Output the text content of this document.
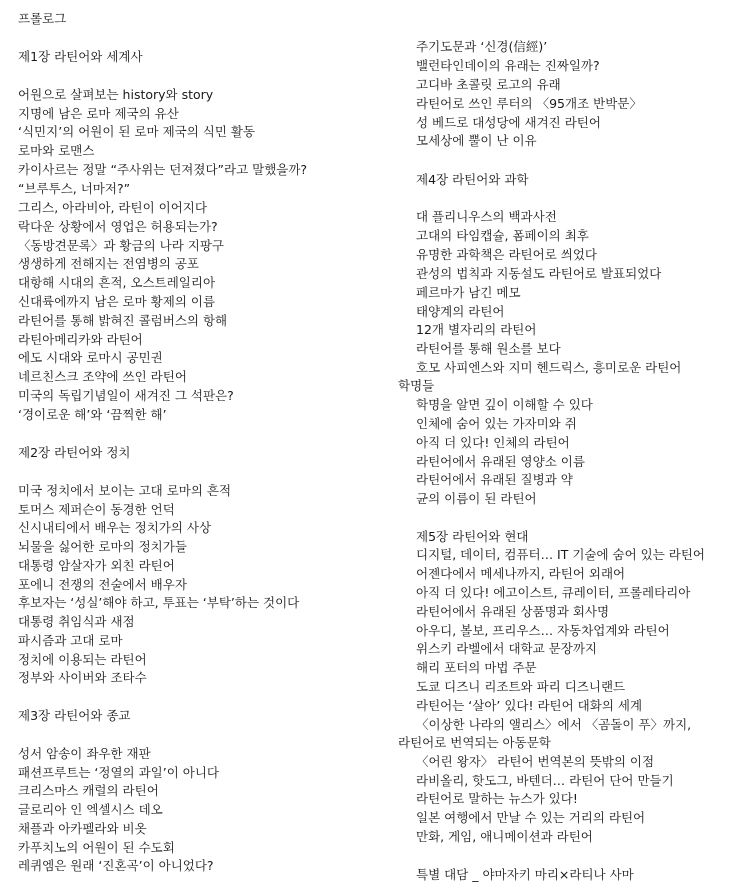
프롤로그
제1장 라틴어와 세계사
어원으로 살펴보는 history와 story
지명에 남은 로마 제국의 유산
‘식민지’의 어원이 된 로마 제국의 식민 활동
로마와 로맨스
카이사르는 정말 “주사위는 던져졌다”라고 말했을까?
“브루투스, 너마저?”
그리스, 아라비아, 라틴이 이어지다
락다운 상황에서 영업은 허용되는가?
〈동방견문록〉과 황금의 나라 지팡구
생생하게 전해지는 전염병의 공포
대항해 시대의 흔적, 오스트레일리아
신대륙에까지 남은 로마 황제의 이름
라틴어를 통해 밝혀진 콜럼버스의 항해
라틴아메리카와 라틴어
에도 시대와 로마시 공민권
네르친스크 조약에 쓰인 라틴어
미국의 독립기념일이 새겨진 그 석판은?
‘경이로운 해’와 ‘끔찍한 해’
제2장 라틴어와 정치
미국 정치에서 보이는 고대 로마의 흔적
토머스 제퍼슨이 동경한 언덕
신시내티에서 배우는 정치가의 사상
뇌물을 싫어한 로마의 정치가들
대통령 암살자가 외친 라틴어
포에니 전쟁의 전술에서 배우자
후보자는 ‘성실’해야 하고, 투표는 ‘부탁’하는 것이다
대통령 취임식과 새점
파시즘과 고대 로마
정치에 이용되는 라틴어
정부와 사이버와 조타수
제3장 라틴어와 종교
성서 암송이 좌우한 재판
패션프루트는 ‘정열의 과일’이 아니다
크리스마스 캐럴의 라틴어
글로리아 인 엑셀시스 데오
채플과 아카펠라와 비옷
카푸치노의 어원이 된 수도회
레퀴엠은 원래 ‘진혼곡’이 아니었다?
주기도문과 ‘신경(信經)’
밸런타인데이의 유래는 진짜일까?
고디바 초콜릿 로고의 유래
라틴어로 쓰인 루터의 〈95개조 반박문〉
성 베드로 대성당에 새겨진 라틴어
모세상에 뿔이 난 이유
제4장 라틴어와 과학
대 플리니우스의 백과사전
고대의 타임캡슐, 폼페이의 최후
유명한 과학책은 라틴어로 씌었다
관성의 법칙과 지동설도 라틴어로 발표되었다
페르마가 남긴 메모
태양계의 라틴어
12개 별자리의 라틴어
라틴어를 통해 원소를 보다
호모 사피엔스와 지미 헨드릭스, 흥미로운 라틴어
학명들
학명을 알면 깊이 이해할 수 있다
인체에 숨어 있는 가자미와 쥐
아직 더 있다! 인체의 라틴어
라틴어에서 유래된 영양소 이름
라틴어에서 유래된 질병과 약
균의 이름이 된 라틴어
제5장 라틴어와 현대
디지털, 데이터, 컴퓨터… IT 기술에 숨어 있는 라틴어
어젠다에서 메세나까지, 라틴어 외래어
아직 더 있다! 에고이스트, 큐레이터, 프롤레타리아
라틴어에서 유래된 상품명과 회사명
아우디, 볼보, 프리우스… 자동차업계와 라틴어
위스키 라벨에서 대학교 문장까지
해리 포터의 마법 주문
도쿄 디즈니 리조트와 파리 디즈니랜드
라틴어는 ‘살아’ 있다! 라틴어 대화의 세계
〈이상한 나라의 앨리스〉에서 〈곰돌이 푸〉까지,
라틴어로 번역되는 아동문학
〈어린 왕자〉 라틴어 번역본의 뜻밖의 이점
라비올리, 핫도그, 바텐더… 라틴어 단어 만들기
라틴어로 말하는 뉴스가 있다!
일본 여행에서 만날 수 있는 거리의 라틴어
만화, 게임, 애니메이션과 라틴어
특별 대담 _ 야마자키 마리×라티나 사마
